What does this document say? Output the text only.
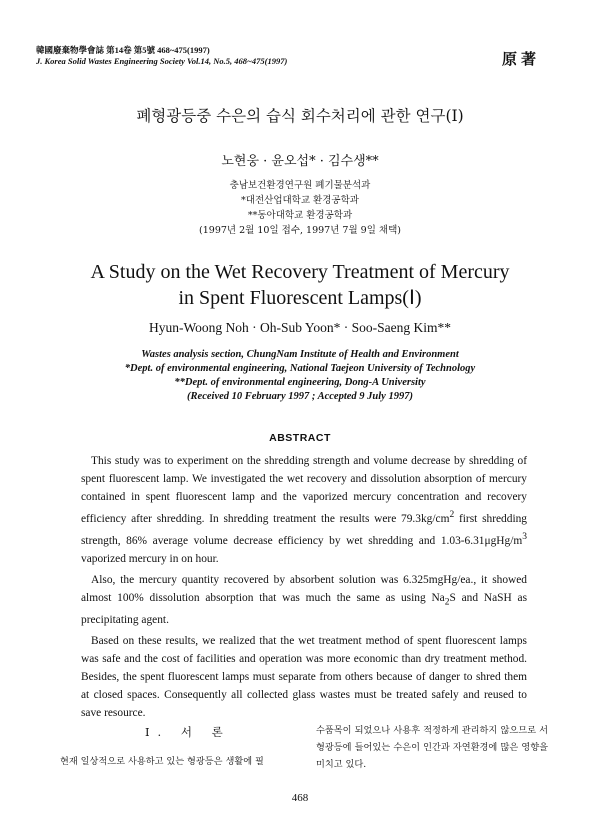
韓國廢棄物學會誌 第14卷 第5號 468~475(1997)
J. Korea Solid Wastes Engineering Society Vol.14, No.5, 468~475(1997)	原著
폐형광등중 수은의 습식 회수처리에 관한 연구(Ⅰ)
노현웅 · 윤오섭* · 김수생**
충남보건환경연구원 폐기물분석과
*대전산업대학교 환경공학과
**동아대학교 환경공학과
(1997년 2월 10일 접수, 1997년 7월 9일 채택)
A Study on the Wet Recovery Treatment of Mercury
in Spent Fluorescent Lamps(Ⅰ)
Hyun-Woong Noh · Oh-Sub Yoon* · Soo-Saeng Kim**
Wastes analysis section, ChungNam Institute of Health and Environment
*Dept. of environmental engineering, National Taejeon University of Technology
**Dept. of environmental engineering, Dong-A University
(Received 10 February 1997 ; Accepted 9 July 1997)
ABSTRACT

This study was to experiment on the shredding strength and volume decrease by shredding of spent fluorescent lamp. We investigated the wet recovery and dissolution absorption of mercury contained in spent fluorescent lamp and the vaporized mercury concentration and recovery efficiency after shredding. In shredding treatment the results were $79.3kg/cm^2$ first shredding strength, 86% average volume decrease efficiency by wet shredding and $1.03-6.31\mu gHg/m^3$ vaporized mercury in on hour.

Also, the mercury quantity recovered by absorbent solution was 6.325mgHg/ea., it showed almost 100% dissolution absorption that was much the same as using $Na_2S$ and NaSH as precipitating agent.

Based on these results, we realized that the wet treatment method of spent fluorescent lamps was safe and the cost of facilities and operation was more economic than dry treatment method. Besides, the spent fluorescent lamps must separate from others because of danger to shred them at closed spaces. Consequently all collected glass wastes must be treated safely and reused to save resource.

Ⅰ. 서 론
현재 일상적으로 사용하고 있는 형광등은 생활에 필
수품목이 되었으나 사용후 적정하게 관리하지 않으므로 서 형광등에 들어있는 수은이 인간과 자연환경에 많은 영향을 미치고 있다.
468
